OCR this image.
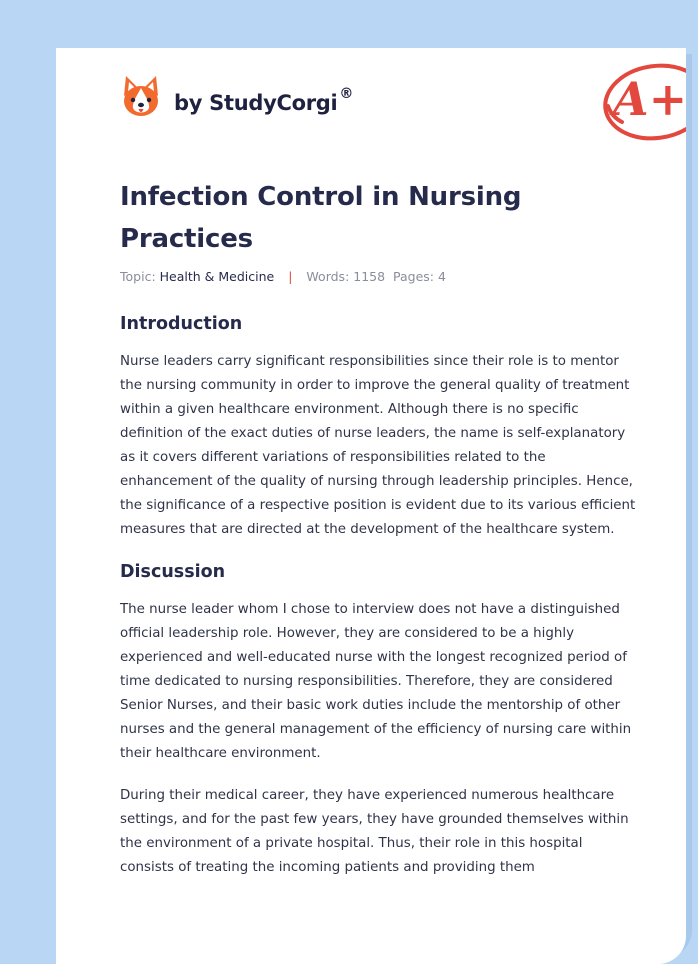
by StudyCorgi ®	A+
Infection Control in Nursing Practices
Topic: Health & Medicine | Words: 1158 Pages: 4
Introduction

Nurse leaders carry significant responsibilities since their role is to mentor the nursing community in order to improve the general quality of treatment within a given healthcare environment. Although there is no specific definition of the exact duties of nurse leaders, the name is self-explanatory as it covers different variations of responsibilities related to the enhancement of the quality of nursing through leadership principles. Hence, the significance of a respective position is evident due to its various efficient measures that are directed at the development of the healthcare system.

Discussion

The nurse leader whom I chose to interview does not have a distinguished official leadership role. However, they are considered to be a highly experienced and well-educated nurse with the longest recognized period of time dedicated to nursing responsibilities. Therefore, they are considered Senior Nurses, and their basic work duties include the mentorship of other nurses and the general management of the efficiency of nursing care within their healthcare environment.

During their medical career, they have experienced numerous healthcare settings, and for the past few years, they have grounded themselves within the environment of a private hospital. Thus, their role in this hospital consists of treating the incoming patients and providing them
